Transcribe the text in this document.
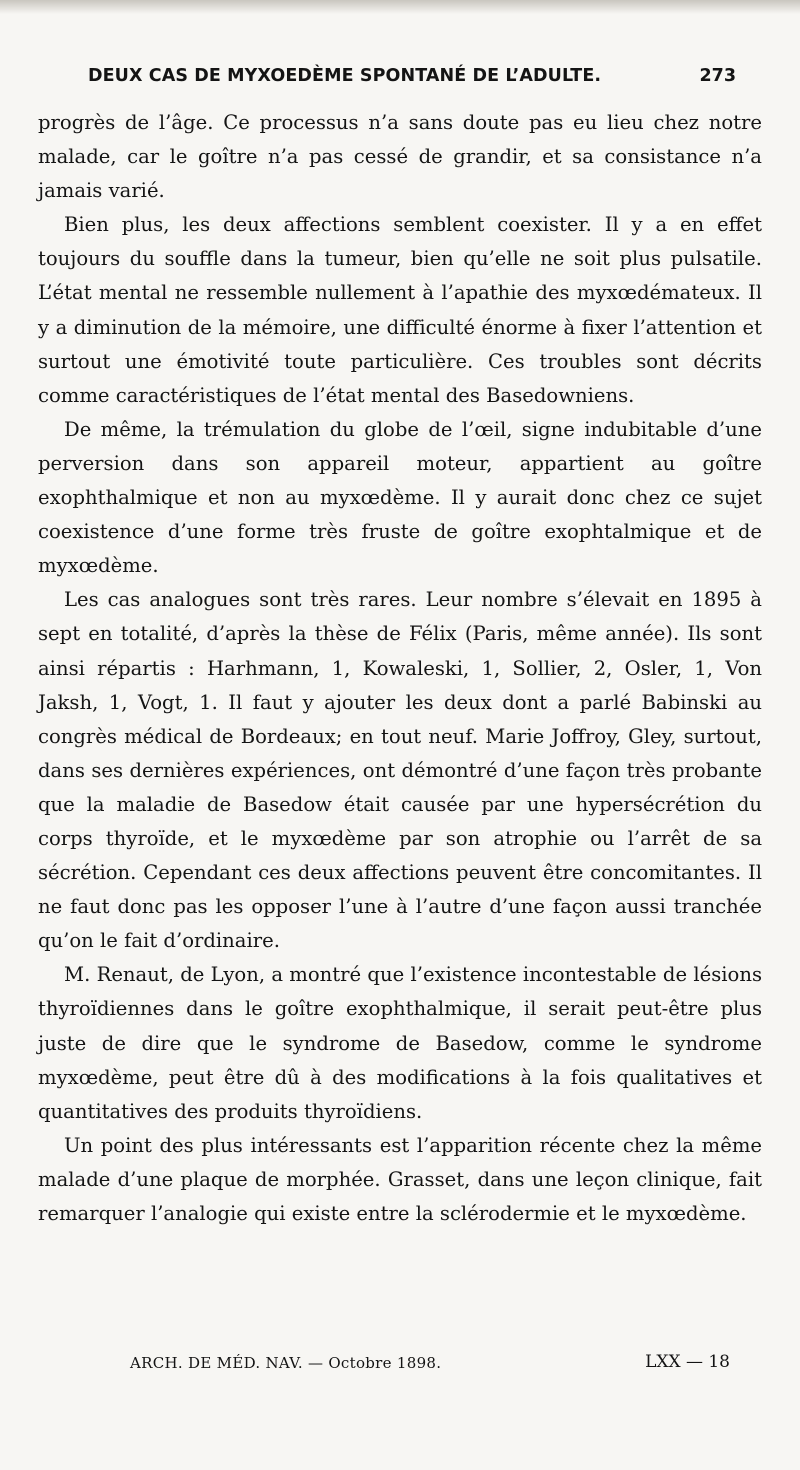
DEUX CAS DE MYXOEDÈME SPONTANÉ DE L’ADULTE.	273

progrès de l’âge. Ce processus n’a sans doute pas eu lieu chez notre malade, car le goître n’a pas cessé de grandir, et sa consistance n’a jamais varié.

Bien plus, les deux affections semblent coexister. Il y a en effet toujours du souffle dans la tumeur, bien qu’elle ne soit plus pulsatile. L’état mental ne ressemble nullement à l’apathie des myxœdémateux. Il y a diminution de la mémoire, une difficulté énorme à fixer l’attention et surtout une émotivité toute particulière. Ces troubles sont décrits comme caractéristiques de l’état mental des Basedowniens.

De même, la trémulation du globe de l’œil, signe indubitable d’une perversion dans son appareil moteur, appartient au goître exophthalmique et non au myxœdème. Il y aurait donc chez ce sujet coexistence d’une forme très fruste de goître exophtalmique et de myxœdème.

Les cas analogues sont très rares. Leur nombre s’élevait en 1895 à sept en totalité, d’après la thèse de Félix (Paris, même année). Ils sont ainsi répartis : Harhmann, 1, Kowaleski, 1, Sollier, 2, Osler, 1, Von Jaksh, 1, Vogt, 1. Il faut y ajouter les deux dont a parlé Babinski au congrès médical de Bordeaux; en tout neuf. Marie Joffroy, Gley, surtout, dans ses dernières expériences, ont démontré d’une façon très probante que la maladie de Basedow était causée par une hypersécrétion du corps thyroïde, et le myxœdème par son atrophie ou l’arrêt de sa sécrétion. Cependant ces deux affections peuvent être concomitantes. Il ne faut donc pas les opposer l’une à l’autre d’une façon aussi tranchée qu’on le fait d’ordinaire.

M. Renaut, de Lyon, a montré que l’existence incontestable de lésions thyroïdiennes dans le goître exophthalmique, il serait peut-être plus juste de dire que le syndrome de Basedow, comme le syndrome myxœdème, peut être dû à des modifications à la fois qualitatives et quantitatives des produits thyroïdiens.

Un point des plus intéressants est l’apparition récente chez la même malade d’une plaque de morphée. Grasset, dans une leçon clinique, fait remarquer l’analogie qui existe entre la sclérodermie et le myxœdème.

ARCH. DE MÉD. NAV. — Octobre 1898.	LXX — 18
